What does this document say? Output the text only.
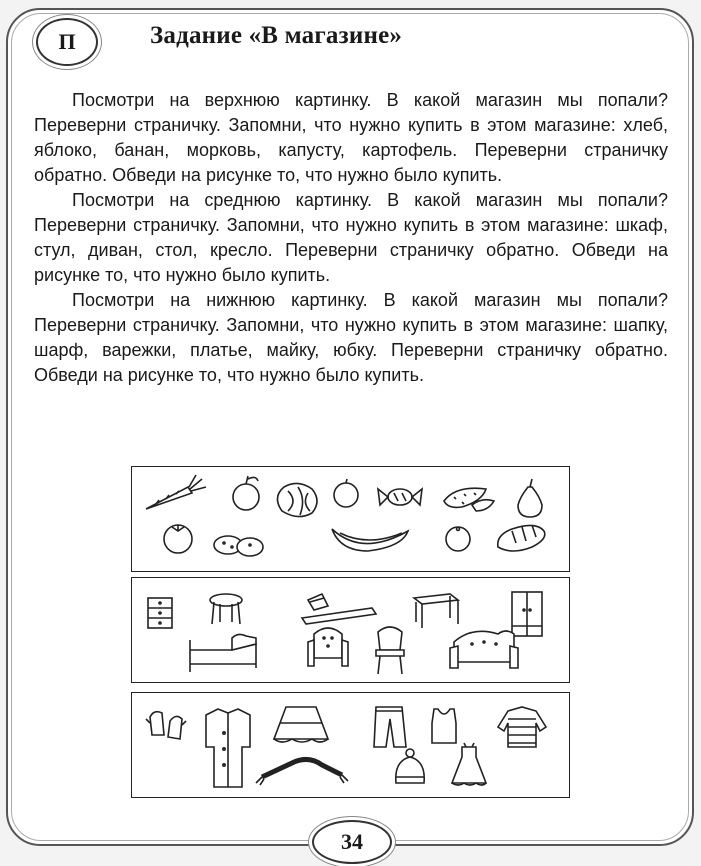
П	Задание «В магазине»

Посмотри на верхнюю картинку. В какой магазин мы попали? Переверни страничку. Запомни, что нужно купить в этом магазине: хлеб, яблоко, банан, морковь, капусту, картофель. Переверни страничку обратно. Обведи на рисунке то, что нужно было купить.

Посмотри на среднюю картинку. В какой магазин мы попали? Переверни страничку. Запомни, что нужно купить в этом магазине: шкаф, стул, диван, стол, кресло. Переверни страничку обратно. Обведи на рисунке то, что нужно было купить.

Посмотри на нижнюю картинку. В какой магазин мы попали? Переверни страничку. Запомни, что нужно купить в этом магазине: шапку, шарф, варежки, платье, майку, юбку. Переверни страничку обратно. Обведи на рисунке то, что нужно было купить.

34
